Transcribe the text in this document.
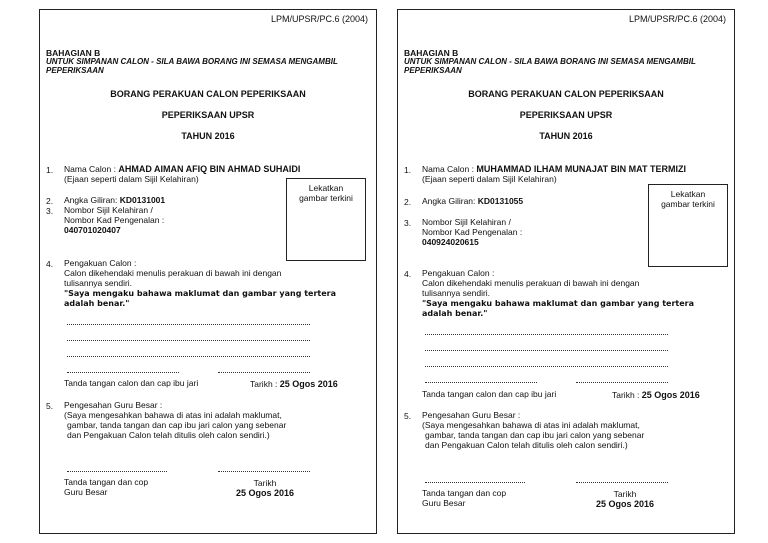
LPM/UPSR/PC.6 (2004)
BAHAGIAN B
UNTUK SIMPANAN CALON - SILA BAWA BORANG INI SEMASA MENGAMBIL PEPERIKSAAN
BORANG PERAKUAN CALON PEPERIKSAAN
PEPERIKSAAN UPSR
TAHUN 2016
1. Nama Calon : AHMAD AIMAN AFIQ BIN AHMAD SUHAIDI
(Ejaan seperti dalam Sijil Kelahiran)
Lekatkan
gambar terkini
2. Angka Giliran: KD0131001
3. Nombor Sijil Kelahiran /
Nombor Kad Pengenalan :
040701020407
4. Pengakuan Calon :
Calon dikehendaki menulis perakuan di bawah ini dengan
tulisannya sendiri.
"Saya mengaku bahawa maklumat dan gambar yang tertera
adalah benar."
Tanda tangan calon dan cap ibu jari	Tarikh : 25 Ogos 2016
5. Pengesahan Guru Besar :
(Saya mengesahkan bahawa di atas ini adalah maklumat,
gambar, tanda tangan dan cap ibu jari calon yang sebenar
dan Pengakuan Calon telah ditulis oleh calon sendiri.)
Tanda tangan dan cop
Guru Besar
Tarikh
25 Ogos 2016
LPM/UPSR/PC.6 (2004)
BAHAGIAN B
UNTUK SIMPANAN CALON - SILA BAWA BORANG INI SEMASA MENGAMBIL PEPERIKSAAN
BORANG PERAKUAN CALON PEPERIKSAAN
PEPERIKSAAN UPSR
TAHUN 2016
1. Nama Calon : MUHAMMAD ILHAM MUNAJAT BIN MAT TERMIZI
(Ejaan seperti dalam Sijil Kelahiran)
Lekatkan
gambar terkini
2. Angka Giliran: KD0131055
3. Nombor Sijil Kelahiran /
Nombor Kad Pengenalan :
040924020615
4. Pengakuan Calon :
Calon dikehendaki menulis perakuan di bawah ini dengan
tulisannya sendiri.
"Saya mengaku bahawa maklumat dan gambar yang tertera
adalah benar."
Tanda tangan calon dan cap ibu jari	Tarikh : 25 Ogos 2016
5. Pengesahan Guru Besar :
(Saya mengesahkan bahawa di atas ini adalah maklumat,
gambar, tanda tangan dan cap ibu jari calon yang sebenar
dan Pengakuan Calon telah ditulis oleh calon sendiri.)
Tanda tangan dan cop
Guru Besar
Tarikh
25 Ogos 2016
